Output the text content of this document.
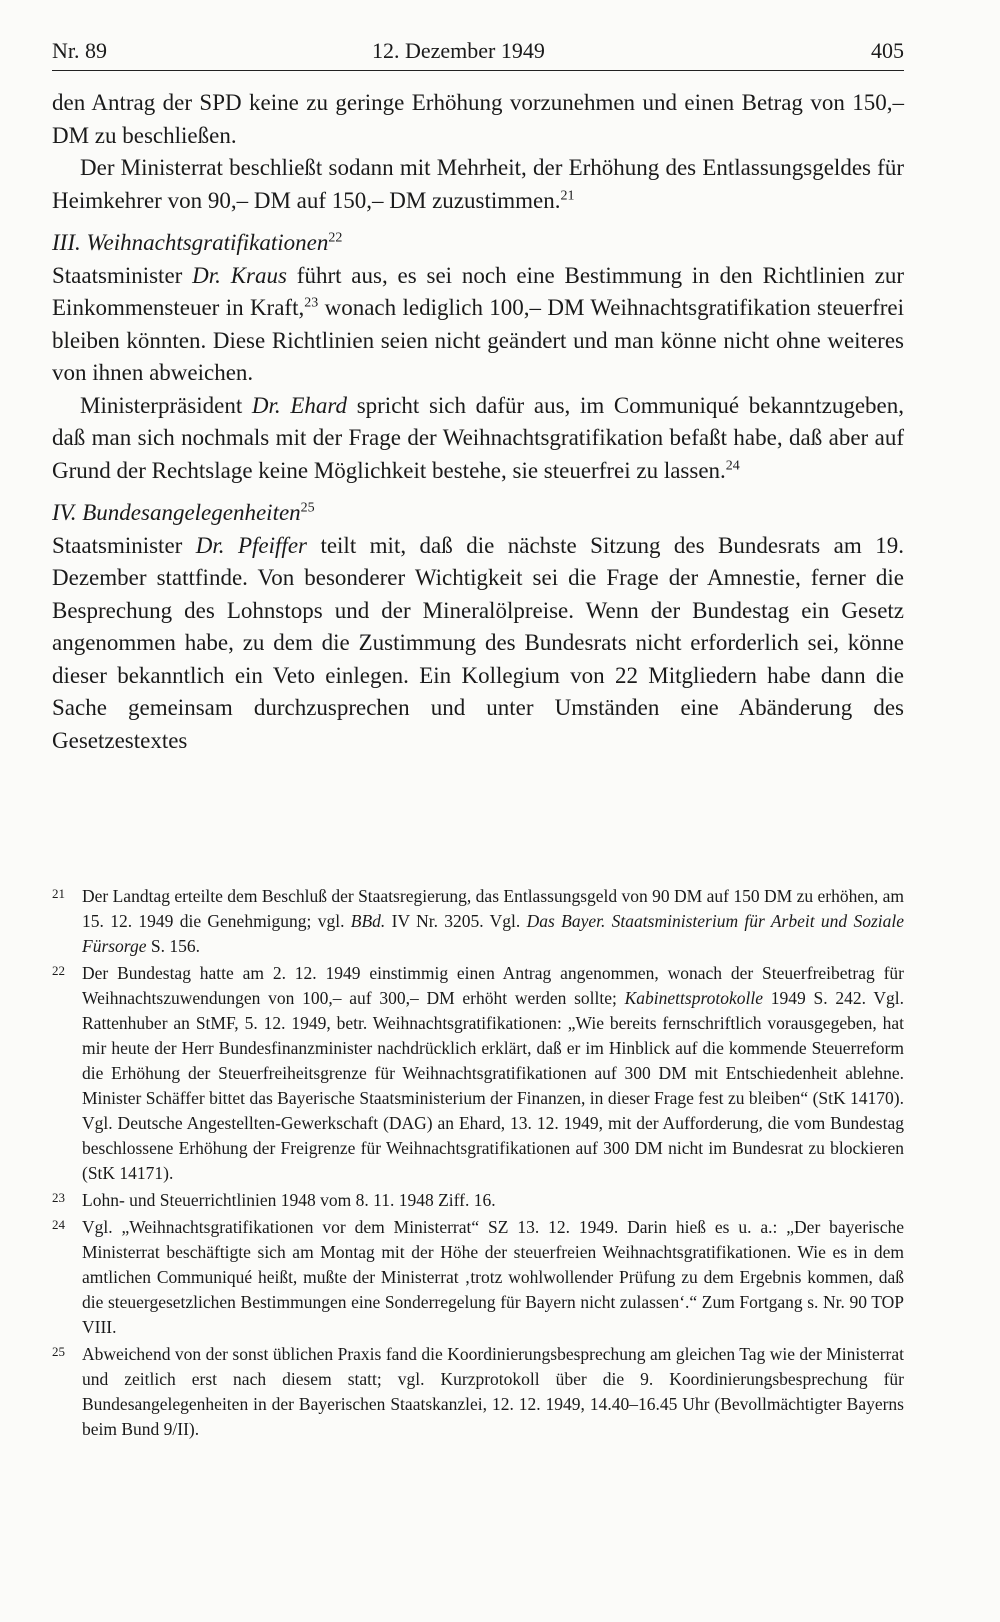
Nr. 89	12. Dezember 1949	405

den Antrag der SPD keine zu geringe Erhöhung vorzunehmen und einen Betrag von 150,– DM zu beschließen.

Der Ministerrat beschließt sodann mit Mehrheit, der Erhöhung des Entlassungsgeldes für Heimkehrer von 90,– DM auf 150,– DM zuzustimmen.$^{21}$

III. Weihnachtsgratifikationen$^{22}$

Staatsminister Dr. Kraus führt aus, es sei noch eine Bestimmung in den Richtlinien zur Einkommensteuer in Kraft,$^{23}$ wonach lediglich 100,– DM Weihnachtsgratifikation steuerfrei bleiben könnten. Diese Richtlinien seien nicht geändert und man könne nicht ohne weiteres von ihnen abweichen.

Ministerpräsident Dr. Ehard spricht sich dafür aus, im Communiqué bekanntzugeben, daß man sich nochmals mit der Frage der Weihnachtsgratifikation befaßt habe, daß aber auf Grund der Rechtslage keine Möglichkeit bestehe, sie steuerfrei zu lassen.$^{24}$

IV. Bundesangelegenheiten$^{25}$

Staatsminister Dr. Pfeiffer teilt mit, daß die nächste Sitzung des Bundesrats am 19. Dezember stattfinde. Von besonderer Wichtigkeit sei die Frage der Amnestie, ferner die Besprechung des Lohnstops und der Mineralölpreise. Wenn der Bundestag ein Gesetz angenommen habe, zu dem die Zustimmung des Bundesrats nicht erforderlich sei, könne dieser bekanntlich ein Veto einlegen. Ein Kollegium von 22 Mitgliedern habe dann die Sache gemeinsam durchzusprechen und unter Umständen eine Abänderung des Gesetzestextes

21 Der Landtag erteilte dem Beschluß der Staatsregierung, das Entlassungsgeld von 90 DM auf 150 DM zu erhöhen, am 15. 12. 1949 die Genehmigung; vgl. BBd. IV Nr. 3205. Vgl. Das Bayer. Staatsministerium für Arbeit und Soziale Fürsorge S. 156.
22 Der Bundestag hatte am 2. 12. 1949 einstimmig einen Antrag angenommen, wonach der Steuerfreibetrag für Weihnachtszuwendungen von 100,– auf 300,– DM erhöht werden sollte; Kabinettsprotokolle 1949 S. 242. Vgl. Rattenhuber an StMF, 5. 12. 1949, betr. Weihnachtsgratifikationen: „Wie bereits fernschriftlich vorausgegeben, hat mir heute der Herr Bundesfinanzminister nachdrücklich erklärt, daß er im Hinblick auf die kommende Steuerreform die Erhöhung der Steuerfreiheitsgrenze für Weihnachtsgratifikationen auf 300 DM mit Entschiedenheit ablehne. Minister Schäffer bittet das Bayerische Staatsministerium der Finanzen, in dieser Frage fest zu bleiben“ (StK 14170). Vgl. Deutsche Angestellten-Gewerkschaft (DAG) an Ehard, 13. 12. 1949, mit der Aufforderung, die vom Bundestag beschlossene Erhöhung der Freigrenze für Weihnachtsgratifikationen auf 300 DM nicht im Bundesrat zu blockieren (StK 14171).
23 Lohn- und Steuerrichtlinien 1948 vom 8. 11. 1948 Ziff. 16.
24 Vgl. „Weihnachtsgratifikationen vor dem Ministerrat“ SZ 13. 12. 1949. Darin hieß es u. a.: „Der bayerische Ministerrat beschäftigte sich am Montag mit der Höhe der steuerfreien Weihnachtsgratifikationen. Wie es in dem amtlichen Communiqué heißt, mußte der Ministerrat ‚trotz wohlwollender Prüfung zu dem Ergebnis kommen, daß die steuergesetzlichen Bestimmungen eine Sonderregelung für Bayern nicht zulassen‘.“ Zum Fortgang s. Nr. 90 TOP VIII.
25 Abweichend von der sonst üblichen Praxis fand die Koordinierungsbesprechung am gleichen Tag wie der Ministerrat und zeitlich erst nach diesem statt; vgl. Kurzprotokoll über die 9. Koordinierungsbesprechung für Bundesangelegenheiten in der Bayerischen Staatskanzlei, 12. 12. 1949, 14.40–16.45 Uhr (Bevollmächtigter Bayerns beim Bund 9/II).
